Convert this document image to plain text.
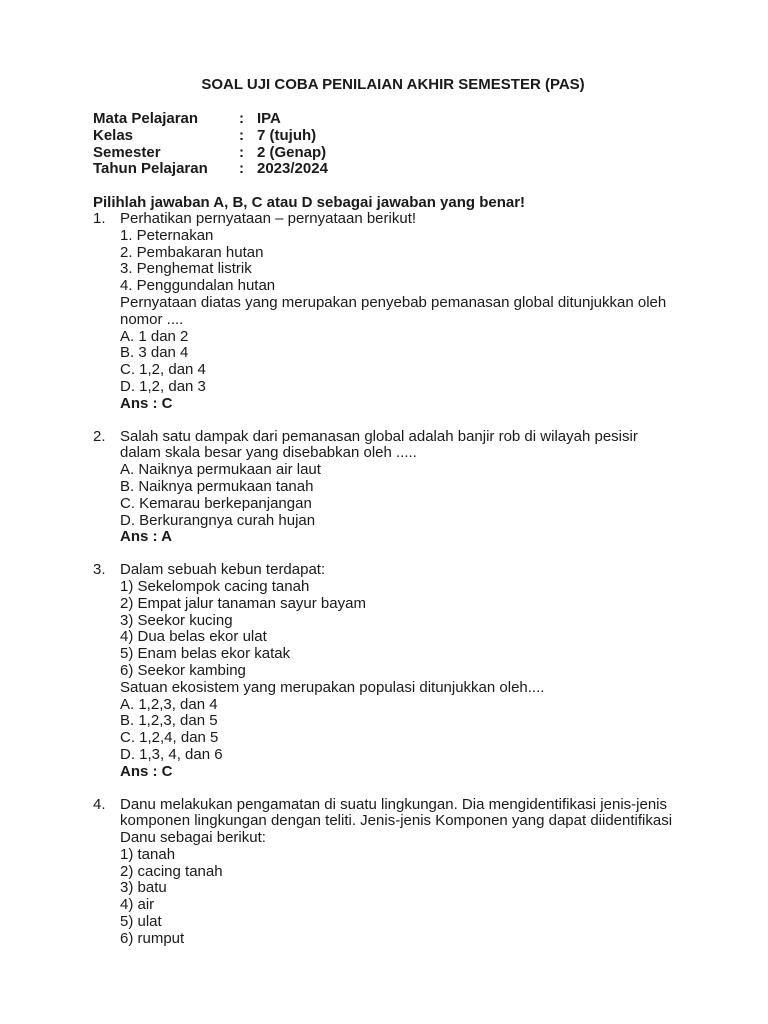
SOAL UJI COBA PENILAIAN AKHIR SEMESTER (PAS)
Mata Pelajaran	: IPA
Kelas	: 7 (tujuh)
Semester	: 2 (Genap)
Tahun Pelajaran	: 2023/2024
Pilihlah jawaban A, B, C atau D sebagai jawaban yang benar!
1. Perhatikan pernyataan – pernyataan berikut!
1. Peternakan
2. Pembakaran hutan
3. Penghemat listrik
4. Penggundalan hutan
Pernyataan diatas yang merupakan penyebab pemanasan global ditunjukkan oleh
nomor ....
A. 1 dan 2
B. 3 dan 4
C. 1,2, dan 4
D. 1,2, dan 3
Ans : C
2. Salah satu dampak dari pemanasan global adalah banjir rob di wilayah pesisir
dalam skala besar yang disebabkan oleh .....
A. Naiknya permukaan air laut
B. Naiknya permukaan tanah
C. Kemarau berkepanjangan
D. Berkurangnya curah hujan
Ans : A
3. Dalam sebuah kebun terdapat:
1) Sekelompok cacing tanah
2) Empat jalur tanaman sayur bayam
3) Seekor kucing
4) Dua belas ekor ulat
5) Enam belas ekor katak
6) Seekor kambing
Satuan ekosistem yang merupakan populasi ditunjukkan oleh....
A. 1,2,3, dan 4
B. 1,2,3, dan 5
C. 1,2,4, dan 5
D. 1,3, 4, dan 6
Ans : C
4. Danu melakukan pengamatan di suatu lingkungan. Dia mengidentifikasi jenis-jenis
komponen lingkungan dengan teliti. Jenis-jenis Komponen yang dapat diidentifikasi
Danu sebagai berikut:
1) tanah
2) cacing tanah
3) batu
4) air
5) ulat
6) rumput
